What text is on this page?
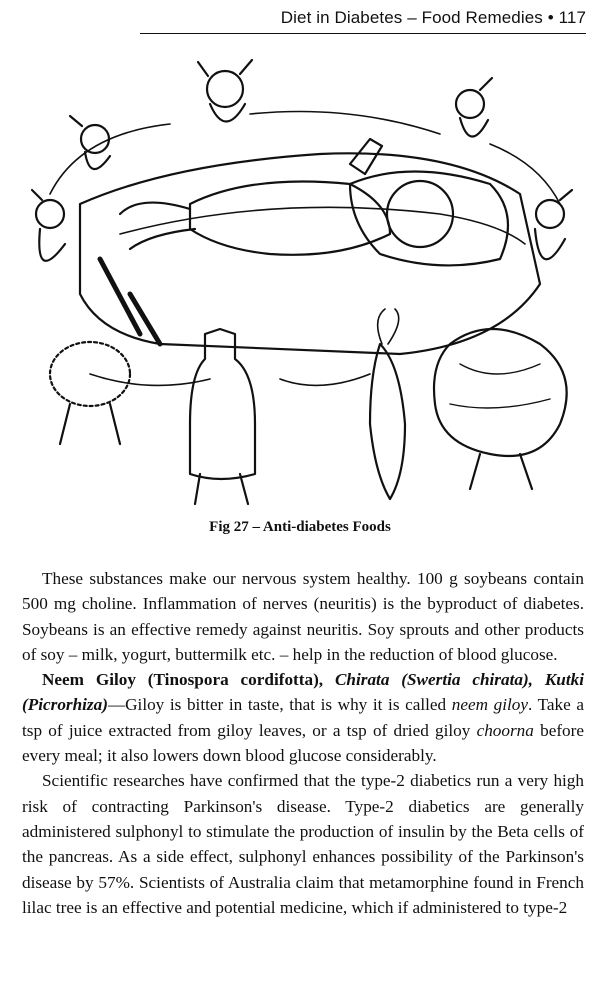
Diet in Diabetes – Food Remedies • 117
Fig 27 – Anti-diabetes Foods

These substances make our nervous system healthy. 100 g soybeans contain 500 mg choline. Inflammation of nerves (neuritis) is the byproduct of diabetes. Soybeans is an effective remedy against neuritis. Soy sprouts and other products of soy – milk, yogurt, buttermilk etc. – help in the reduction of blood glucose.

Neem Giloy (Tinospora cordifotta), Chirata (Swertia chirata), Kutki (Picrorhiza)—Giloy is bitter in taste, that is why it is called neem giloy. Take a tsp of juice extracted from giloy leaves, or a tsp of dried giloy choorna before every meal; it also lowers down blood glucose considerably.

Scientific researches have confirmed that the type-2 diabetics run a very high risk of contracting Parkinson's disease. Type-2 diabetics are generally administered sulphonyl to stimulate the production of insulin by the Beta cells of the pancreas. As a side effect, sulphonyl enhances possibility of the Parkinson's disease by 57%. Scientists of Australia claim that metamorphine found in French lilac tree is an effective and potential medicine, which if administered to type-2
